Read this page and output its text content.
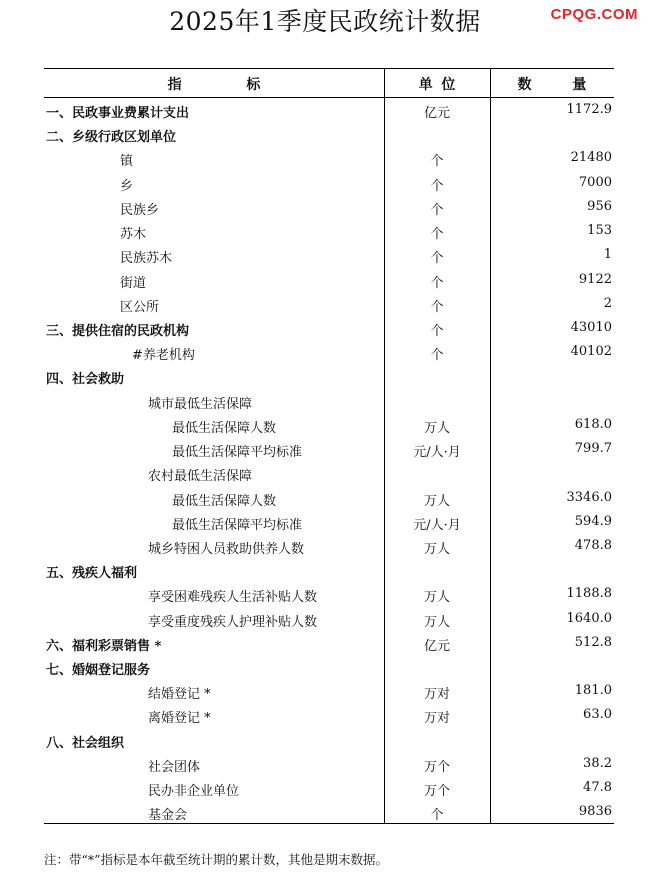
2025年1季度民政统计数据	CPQG.COM
指 标	单 位	数 量
一、民政事业费累计支出	亿元	1172.9
二、乡级行政区划单位
镇	个	21480
乡	个	7000
民族乡	个	956
苏木	个	153
民族苏木	个	1
街道	个	9122
区公所	个	2
三、提供住宿的民政机构	个	43010
#养老机构	个	40102
四、社会救助
城市最低生活保障
最低生活保障人数	万人	618.0
最低生活保障平均标准	元/人·月	799.7
农村最低生活保障
最低生活保障人数	万人	3346.0
最低生活保障平均标准	元/人·月	594.9
城乡特困人员救助供养人数	万人	478.8
五、残疾人福利
享受困难残疾人生活补贴人数	万人	1188.8
享受重度残疾人护理补贴人数	万人	1640.0
六、福利彩票销售 *	亿元	512.8
七、婚姻登记服务
结婚登记 *	万对	181.0
离婚登记 *	万对	63.0
八、社会组织
社会团体	万个	38.2
民办非企业单位	万个	47.8
基金会	个	9836
注：带“*”指标是本年截至统计期的累计数，其他是期末数据。
